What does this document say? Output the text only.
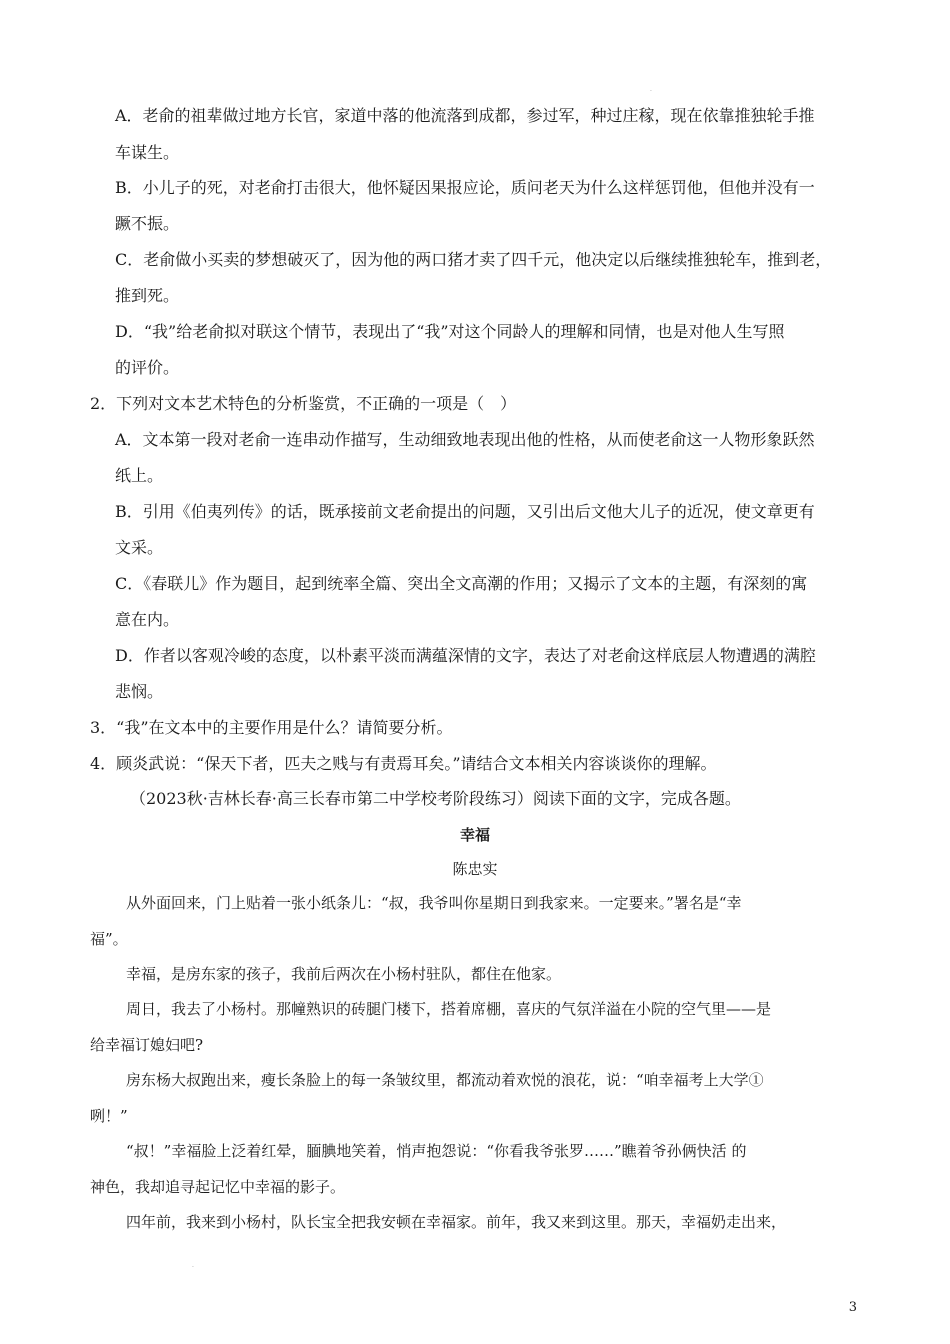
.
A．老俞的祖辈做过地方长官，家道中落的他流落到成都，参过军，种过庄稼，现在依靠推独轮手推
车谋生。
B．小儿子的死，对老俞打击很大，他怀疑因果报应论，质问老天为什么这样惩罚他，但他并没有一
蹶不振。
C．老俞做小买卖的梦想破灭了，因为他的两口猪才卖了四千元，他决定以后继续推独轮车，推到老，
推到死。
D．“我”给老俞拟对联这个情节，表现出了“我”对这个同龄人的理解和同情，也是对他人生写照
的评价。
2．下列对文本艺术特色的分析鉴赏，不正确的一项是（　）
A．文本第一段对老俞一连串动作描写，生动细致地表现出他的性格，从而使老俞这一人物形象跃然
纸上。
B．引用《伯夷列传》的话，既承接前文老俞提出的问题，又引出后文他大儿子的近况，使文章更有
文采。
C．《春联儿》作为题目，起到统率全篇、突出全文高潮的作用；又揭示了文本的主题，有深刻的寓
意在内。
D．作者以客观冷峻的态度，以朴素平淡而满蕴深情的文字，表达了对老俞这样底层人物遭遇的满腔
悲悯。
3．“我”在文本中的主要作用是什么？请简要分析。
4．顾炎武说：“保天下者，匹夫之贱与有责焉耳矣。”请结合文本相关内容谈谈你的理解。
（2023秋·吉林长春·高三长春市第二中学校考阶段练习）阅读下面的文字，完成各题。
幸福
陈忠实
从外面回来，门上贴着一张小纸条儿：“叔，我爷叫你星期日到我家来。一定要来。”署名是“幸
福”。
幸福，是房东家的孩子，我前后两次在小杨村驻队，都住在他家。
周日，我去了小杨村。那幢熟识的砖腿门楼下，搭着席棚，喜庆的气氛洋溢在小院的空气里——是
给幸福订媳妇吧?
房东杨大叔跑出来，瘦长条脸上的每一条皱纹里，都流动着欢悦的浪花，说：“咱幸福考上大学①
咧！”
“叔！”幸福脸上泛着红晕，腼腆地笑着，悄声抱怨说：“你看我爷张罗……”瞧着爷孙俩快活 的
神色，我却追寻起记忆中幸福的影子。
四年前，我来到小杨村，队长宝全把我安顿在幸福家。前年，我又来到这里。那天，幸福奶走出来，
.
3
